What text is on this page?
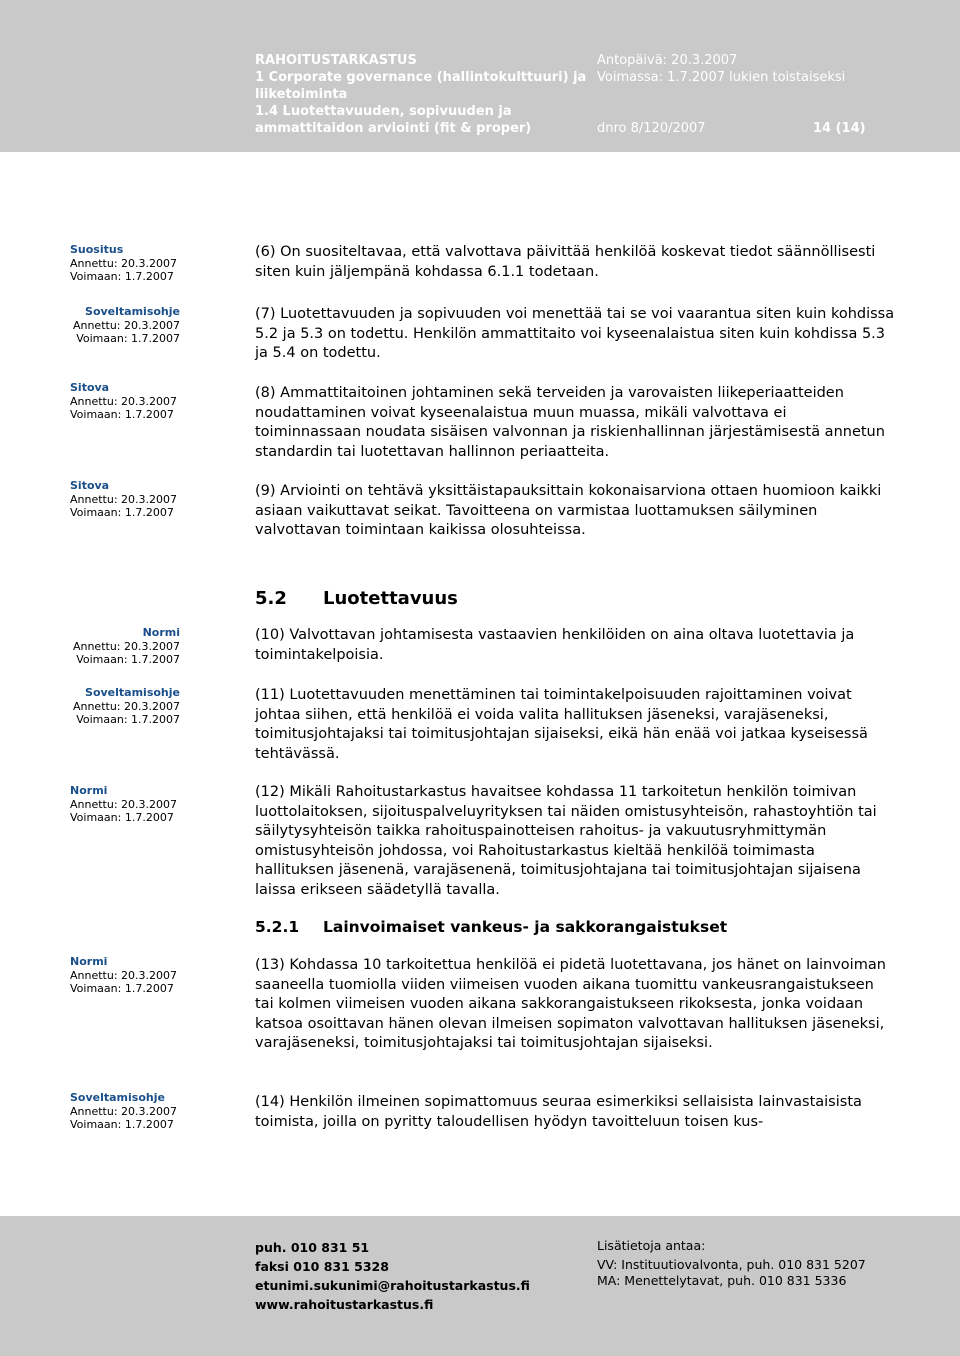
RAHOITUSTARKASTUS
1 Corporate governance (hallintokulttuuri) ja liiketoiminta
1.4 Luotettavuuden, sopivuuden ja ammattitaidon arviointi (fit & proper)
Antopäivä: 20.3.2007
Voimassa: 1.7.2007 lukien toistaiseksi
dnro 8/120/2007	14 (14)
Suositus
Annettu: 20.3.2007
Voimaan: 1.7.2007
Soveltamisohje
Annettu: 20.3.2007
Voimaan: 1.7.2007
Sitova
Annettu: 20.3.2007
Voimaan: 1.7.2007
Sitova
Annettu: 20.3.2007
Voimaan: 1.7.2007
Normi
Annettu: 20.3.2007
Voimaan: 1.7.2007
Soveltamisohje
Annettu: 20.3.2007
Voimaan: 1.7.2007
Normi
Annettu: 20.3.2007
Voimaan: 1.7.2007
Normi
Annettu: 20.3.2007
Voimaan: 1.7.2007
Soveltamisohje
Annettu: 20.3.2007
Voimaan: 1.7.2007

(6) On suositeltavaa, että valvottava päivittää henkilöä koskevat tiedot säännöllisesti siten kuin jäljempänä kohdassa 6.1.1 todetaan.

(7) Luotettavuuden ja sopivuuden voi menettää tai se voi vaarantua siten kuin kohdissa 5.2 ja 5.3 on todettu. Henkilön ammattitaito voi kyseenalaistua siten kuin kohdissa 5.3 ja 5.4 on todettu.

(8) Ammattitaitoinen johtaminen sekä terveiden ja varovaisten liikeperiaatteiden noudattaminen voivat kyseenalaistua muun muassa, mikäli valvottava ei toiminnassaan noudata sisäisen valvonnan ja riskienhallinnan järjestämisestä annetun standardin tai luotettavan hallinnon periaatteita.

(9) Arviointi on tehtävä yksittäistapauksittain kokonaisarviona ottaen huomioon kaikki asiaan vaikuttavat seikat. Tavoitteena on varmistaa luottamuksen säilyminen valvottavan toimintaan kaikissa olosuhteissa.

5.2 Luotettavuus

(10) Valvottavan johtamisesta vastaavien henkilöiden on aina oltava luotettavia ja toimintakelpoisia.

(11) Luotettavuuden menettäminen tai toimintakelpoisuuden rajoittaminen voivat johtaa siihen, että henkilöä ei voida valita hallituksen jäseneksi, varajäseneksi, toimitusjohtajaksi tai toimitusjohtajan sijaiseksi, eikä hän enää voi jatkaa kyseisessä tehtävässä.

(12) Mikäli Rahoitustarkastus havaitsee kohdassa 11 tarkoitetun henkilön toimivan luottolaitoksen, sijoituspalveluyrityksen tai näiden omistusyhteisön, rahastoyhtiön tai säilytysyhteisön taikka rahoituspainotteisen rahoitus- ja vakuutusryhmittymän omistusyhteisön johdossa, voi Rahoitustarkastus kieltää henkilöä toimimasta hallituksen jäsenenä, varajäsenenä, toimitusjohtajana tai toimitusjohtajan sijaisena laissa erikseen säädetyllä tavalla.

5.2.1 Lainvoimaiset vankeus- ja sakkorangaistukset

(13) Kohdassa 10 tarkoitettua henkilöä ei pidetä luotettavana, jos hänet on lainvoiman saaneella tuomiolla viiden viimeisen vuoden aikana tuomittu vankeusrangaistukseen tai kolmen viimeisen vuoden aikana sakkorangaistukseen rikoksesta, jonka voidaan katsoa osoittavan hänen olevan ilmeisen sopimaton valvottavan hallituksen jäseneksi, varajäseneksi, toimitusjohtajaksi tai toimitusjohtajan sijaiseksi.

(14) Henkilön ilmeinen sopimattomuus seuraa esimerkiksi sellaisista lainvastaisista toimista, joilla on pyritty taloudellisen hyödyn tavoitteluun toisen kus-

puh. 010 831 51
faksi 010 831 5328
etunimi.sukunimi@rahoitustarkastus.fi
www.rahoitustarkastus.fi
Lisätietoja antaa:
VV: Instituutiovalvonta, puh. 010 831 5207
MA: Menettelytavat, puh. 010 831 5336
